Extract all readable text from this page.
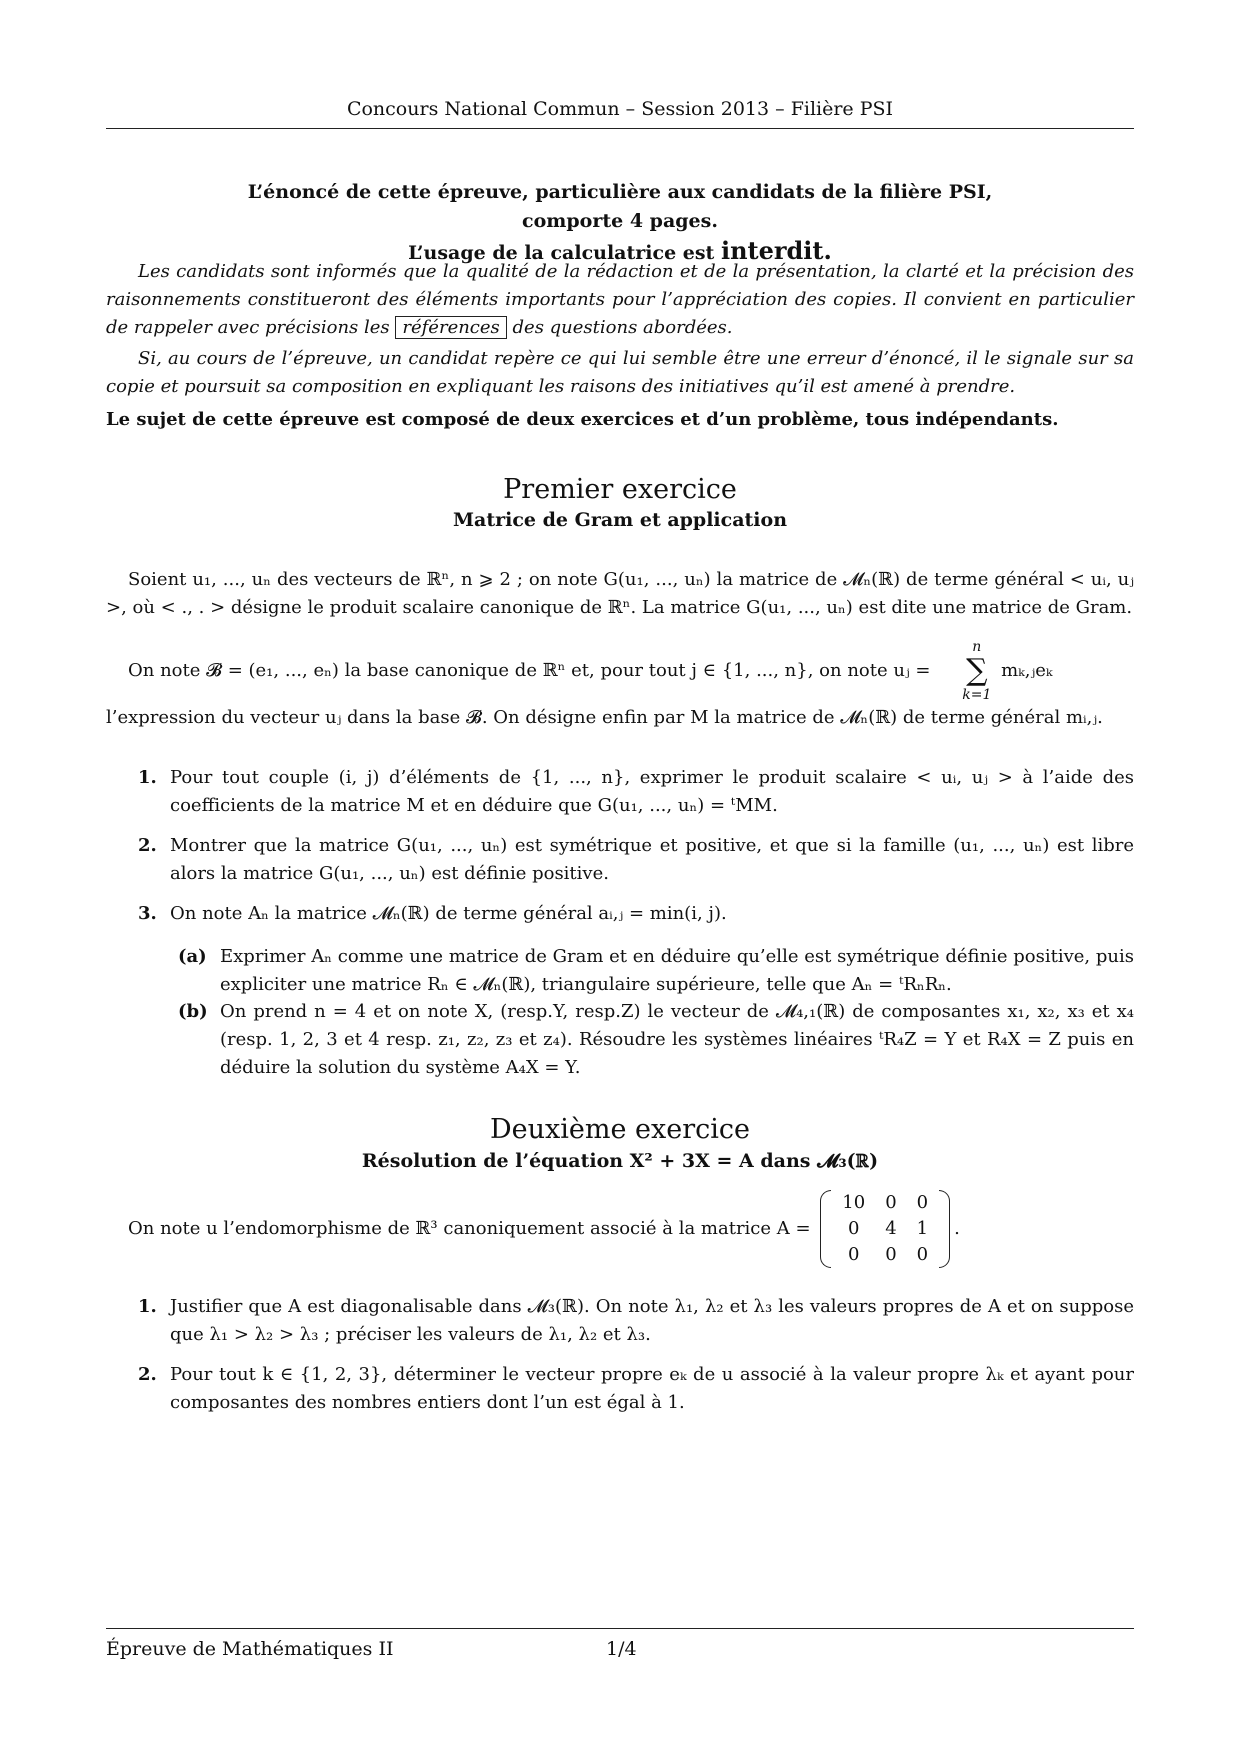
Concours National Commun – Session 2013 – Filière PSI
L’énoncé de cette épreuve, particulière aux candidats de la filière PSI,
comporte 4 pages.
L’usage de la calculatrice est interdit.
Les candidats sont informés que la qualité de la rédaction et de la présentation, la clarté et la précision des raisonnements constitueront des éléments importants pour l’appréciation des copies. Il convient en particulier de rappeler avec précisions les références des questions abordées.
Si, au cours de l’épreuve, un candidat repère ce qui lui semble être une erreur d’énoncé, il le signale sur sa copie et poursuit sa composition en expliquant les raisons des initiatives qu’il est amené à prendre.
Le sujet de cette épreuve est composé de deux exercices et d’un problème, tous indépendants.
Premier exercice
Matrice de Gram et application
Soient u₁, ..., uₙ des vecteurs de ℝⁿ, n ⩾ 2 ; on note G(u₁, ..., uₙ) la matrice de 𝓜ₙ(ℝ) de terme général < uᵢ, uⱼ >, où < ., . > désigne le produit scalaire canonique de ℝⁿ. La matrice G(u₁, ..., uₙ) est dite une matrice de Gram.
On note 𝓑 = (e₁, ..., eₙ) la base canonique de ℝⁿ et, pour tout j ∈ {1, ..., n}, on note uⱼ =
n
∑
k=1
mₖ,ⱼeₖ
l’expression du vecteur uⱼ dans la base 𝓑. On désigne enfin par M la matrice de 𝓜ₙ(ℝ) de terme général mᵢ,ⱼ.
1. Pour tout couple (i, j) d’éléments de {1, ..., n}, exprimer le produit scalaire < uᵢ, uⱼ > à l’aide des coefficients de la matrice M et en déduire que G(u₁, ..., uₙ) = ᵗMM.
2. Montrer que la matrice G(u₁, ..., uₙ) est symétrique et positive, et que si la famille (u₁, ..., uₙ) est libre alors la matrice G(u₁, ..., uₙ) est définie positive.
3. On note Aₙ la matrice 𝓜ₙ(ℝ) de terme général aᵢ,ⱼ = min(i, j).
(a) Exprimer Aₙ comme une matrice de Gram et en déduire qu’elle est symétrique définie positive, puis expliciter une matrice Rₙ ∈ 𝓜ₙ(ℝ), triangulaire supérieure, telle que Aₙ = ᵗRₙRₙ.
(b) On prend n = 4 et on note X, (resp.Y, resp.Z) le vecteur de 𝓜₄,₁(ℝ) de composantes x₁, x₂, x₃ et x₄ (resp. 1, 2, 3 et 4 resp. z₁, z₂, z₃ et z₄). Résoudre les systèmes linéaires ᵗR₄Z = Y et R₄X = Z puis en déduire la solution du système A₄X = Y.
Deuxième exercice
Résolution de l’équation X² + 3X = A dans 𝓜₃(ℝ)
On note u l’endomorphisme de ℝ³ canoniquement associé à la matrice A =
10	0	0
0	4	1
0	0	0
.
1. Justifier que A est diagonalisable dans 𝓜₃(ℝ). On note λ₁, λ₂ et λ₃ les valeurs propres de A et on suppose que λ₁ > λ₂ > λ₃ ; préciser les valeurs de λ₁, λ₂ et λ₃.
2. Pour tout k ∈ {1, 2, 3}, déterminer le vecteur propre eₖ de u associé à la valeur propre λₖ et ayant pour composantes des nombres entiers dont l’un est égal à 1.
Épreuve de Mathématiques II	1/4
